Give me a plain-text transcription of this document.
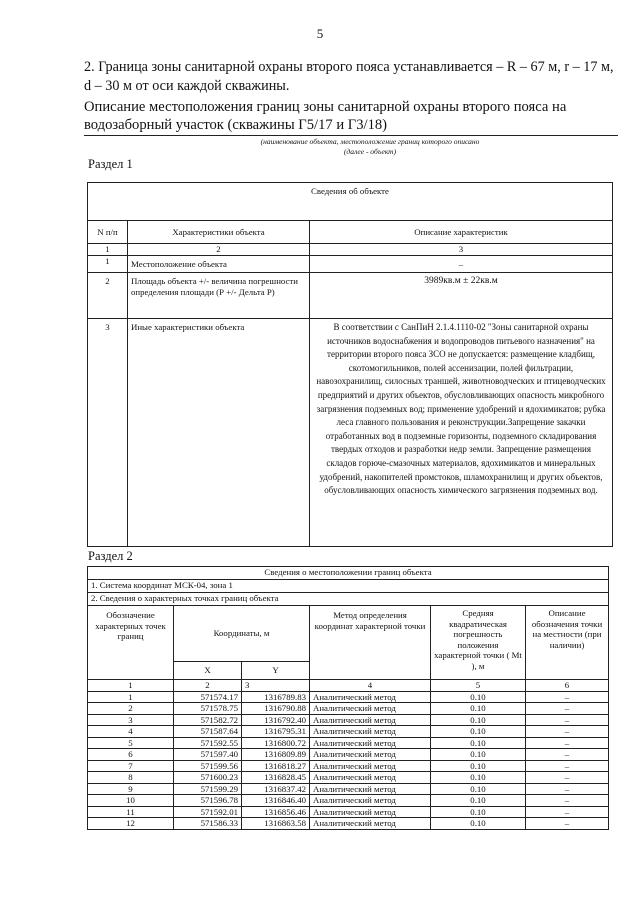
5
2. Граница зоны санитарной охраны второго пояса устанавливается – R – 67 м, r – 17 м, d – 30 м от оси каждой скважины.
Описание местоположения границ зоны санитарной охраны второго пояса на водозаборный участок (скважины Г5/17 и Г3/18)
(наименование объекта, местоположение границ которого описано
(далее - объект)
Раздел 1
Сведения об объекте		
N п/п	Характеристики объекта	Описание характеристик
1	2	3
1	Местоположение объекта	–
2	Площадь объекта +/- величина погрешности определения площади (Р +/- Дельта Р)	3989кв.м ± 22кв.м
3	Иные характеристики объекта	В соответствии с СанПиН 2.1.4.1110-02 "Зоны санитарной охраны источников водоснабжения и водопроводов питьевого назначения" на территории второго пояса ЗСО не допускается: размещение кладбищ, скотомогильников, полей ассенизации, полей фильтрации, навозохранилищ, силосных траншей, животноводческих и птицеводческих предприятий и других объектов, обусловливающих опасность микробного загрязнения подземных вод; применение удобрений и ядохимикатов; рубка леса главного пользования и реконструкции.Запрещение закачки отработанных вод в подземные горизонты, подземного складирования твердых отходов и разработки недр земли. Запрещение размещения складов горюче-смазочных материалов, ядохимикатов и минеральных удобрений, накопителей промстоков, шламохранилищ и других объектов, обусловливающих опасность химического загрязнения подземных вод.
Раздел 2
Сведения о местоположении границ объекта					
1. Система координат МСК-04, зона 1					
2. Сведения о характерных точках границ объекта					
Обозначение характерных точек границ	Координаты, м		Метод определения координат характерной точки	Средняя квадратическая погрешность положения характерной точки ( Mt ), м	Описание обозначения точки на местности (при наличии)
	X	Y			
1	2	3	4	5	6
1	571574.17	1316789.83	Аналитический метод	0.10	–
2	571578.75	1316790.88	Аналитический метод	0.10	–
3	571582.72	1316792.40	Аналитический метод	0.10	–
4	571587.64	1316795.31	Аналитический метод	0.10	–
5	571592.55	1316800.72	Аналитический метод	0.10	–
6	571597.40	1316809.89	Аналитический метод	0.10	–
7	571599.56	1316818.27	Аналитический метод	0.10	–
8	571600.23	1316828.45	Аналитический метод	0.10	–
9	571599.29	1316837.42	Аналитический метод	0.10	–
10	571596.78	1316846.40	Аналитический метод	0.10	–
11	571592.01	1316856.46	Аналитический метод	0.10	–
12	571586.33	1316863.58	Аналитический метод	0.10	–
